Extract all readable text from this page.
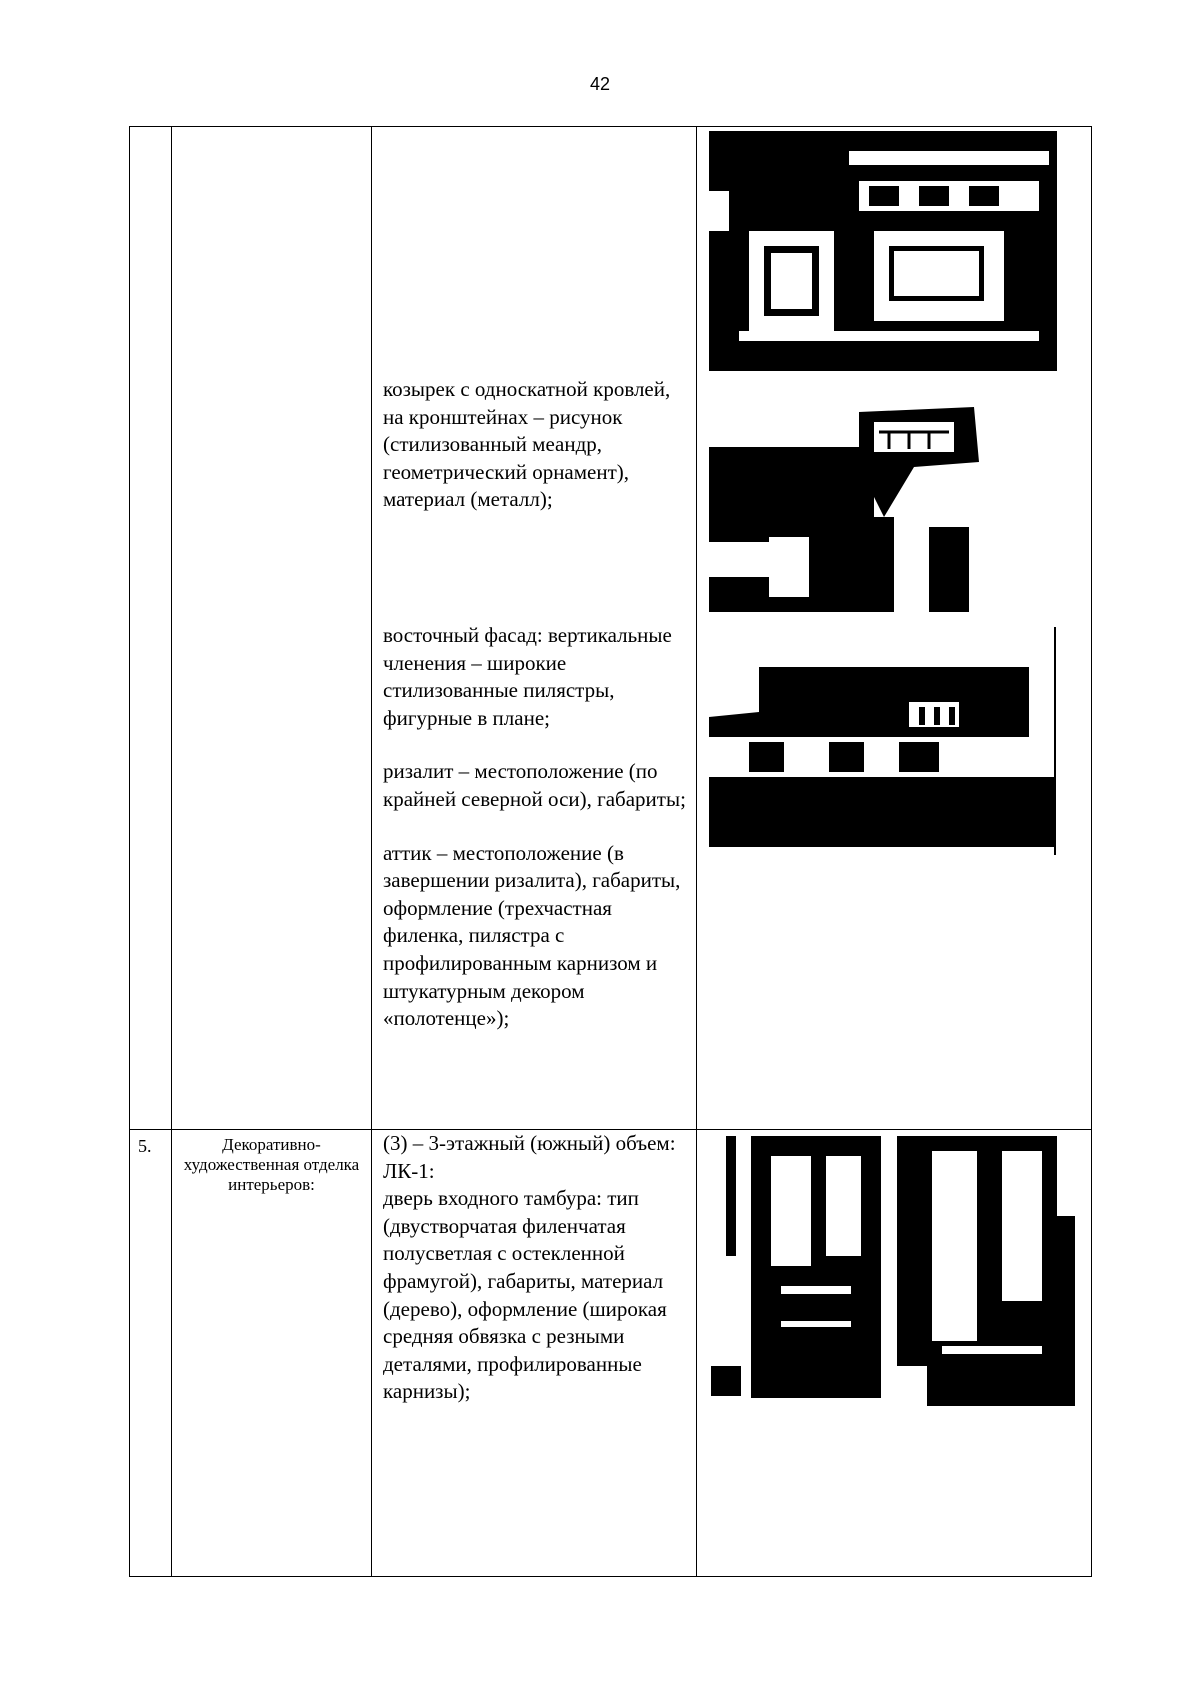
42

		козырек с односкатной кровлей, на кронштейнах – рисунок (стилизованный меандр, геометрический орнамент), материал (металл);

восточный фасад: вертикальные членения – широкие стилизованные пилястры, фигурные в плане;

ризалит – местоположение (по крайней северной оси), габариты;

аттик – местоположение (в завершении ризалита), габариты, оформление (трехчастная филенка, пилястра с профилированным карнизом и штукатурным декором «полотенце»);

5.	Декоративно-художественная отделка интерьеров:	(3) – 3-этажный (южный) объем:

ЛК-1:

дверь входного тамбура: тип (двустворчатая филенчатая полусветлая с остекленной фрамугой), габариты, материал (дерево), оформление (широкая средняя обвязка с резными деталями, профилированные карнизы);
